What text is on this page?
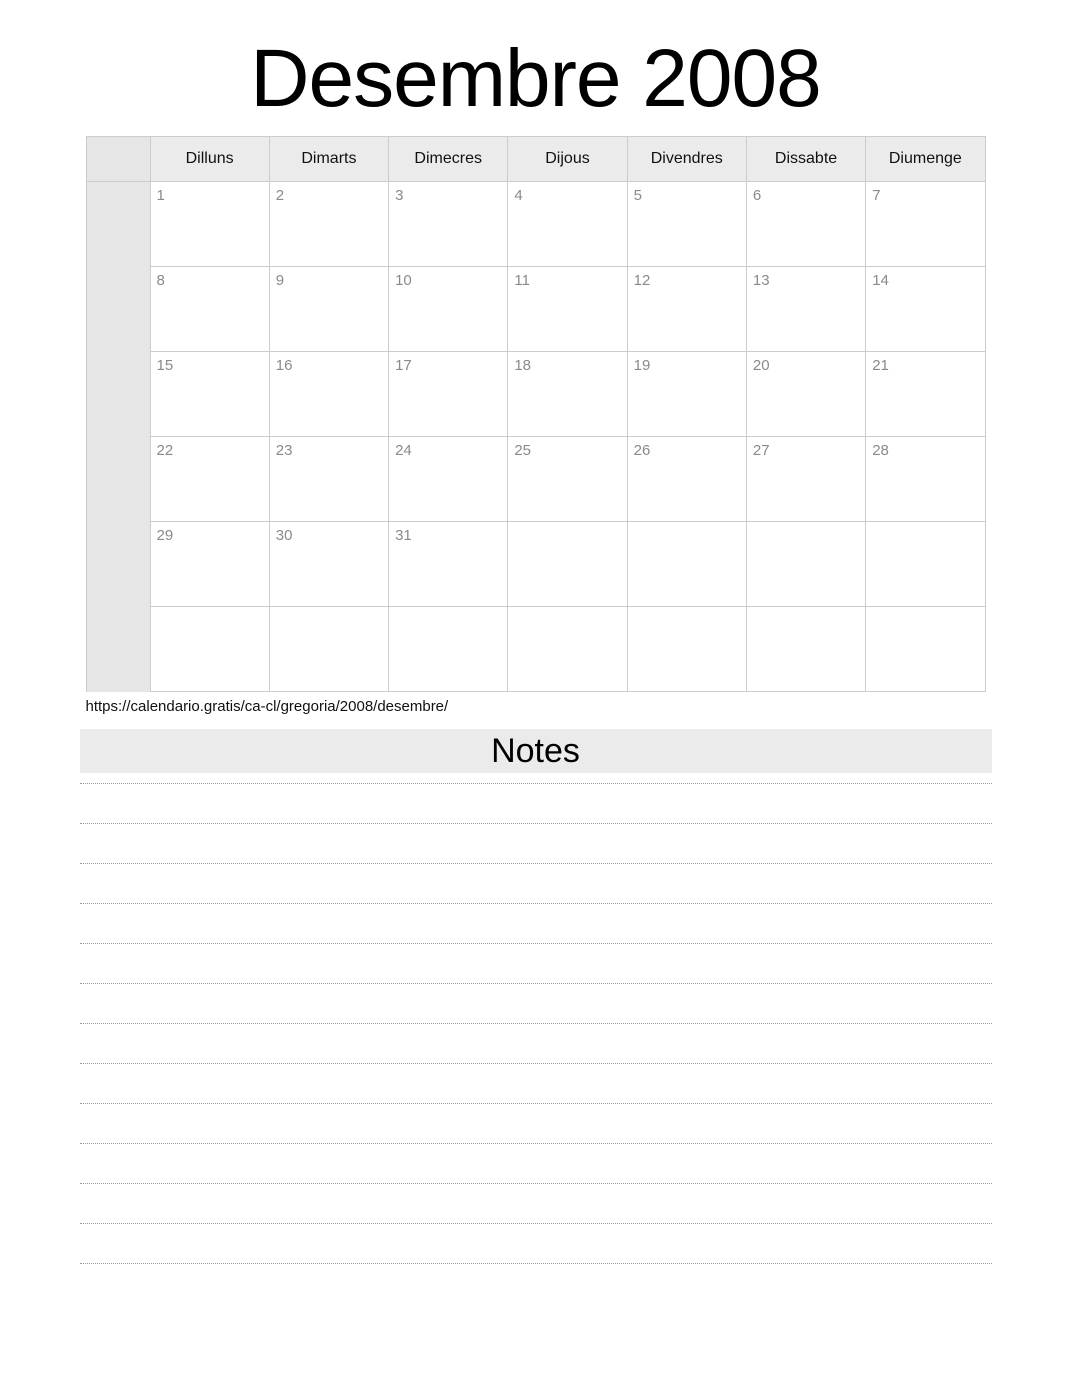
Desembre 2008
	Dilluns	Dimarts	Dimecres	Dijous	Divendres	Dissabte	Diumenge

	1	2	3	4	5	6	7

	8	9	10	11	12	13	14

	15	16	17	18	19	20	21

	22	23	24	25	26	27	28

	29	30	31				

https://calendario.gratis/ca-cl/gregoria/2008/desembre/
Notes
